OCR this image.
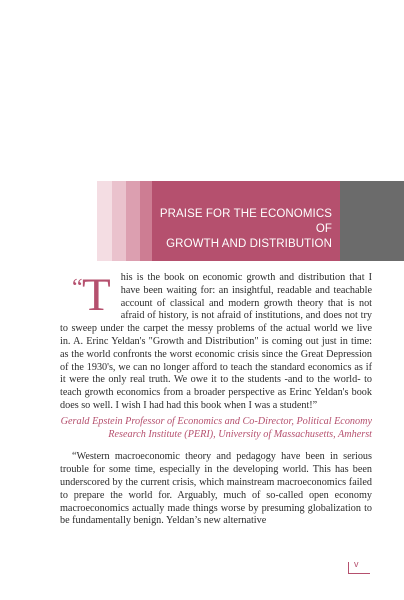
PRAISE FOR THE ECONOMICS OF
GROWTH AND DISTRIBUTION
“ T his is the book on economic growth and distribution that I have been waiting for: an insightful, readable and teachable account of classical and modern growth theory that is not afraid of history, is not afraid of institutions, and does not try to sweep under the carpet the messy problems of the actual world we live in. A. Erinc Yeldan's "Growth and Distribution" is coming out just in time: as the world confronts the worst economic crisis since the Great Depression of the 1930's, we can no longer afford to teach the standard economics as if it were the only real truth. We owe it to the students -and to the world- to teach growth economics from a broader perspective as Erinc Yeldan's book does so well. I wish I had had this book when I was a student!”

Gerald Epstein Professor of Economics and Co-Director, Political Economy Research Institute (PERI), University of Massachusetts, Amherst

“Western macroeconomic theory and pedagogy have been in serious trouble for some time, especially in the developing world. This has been underscored by the current crisis, which mainstream macroeconomics failed to prepare the world for. Arguably, much of so-called open economy macroeconomics actually made things worse by presuming globalization to be fundamentally benign. Yeldan’s new alternative

v
